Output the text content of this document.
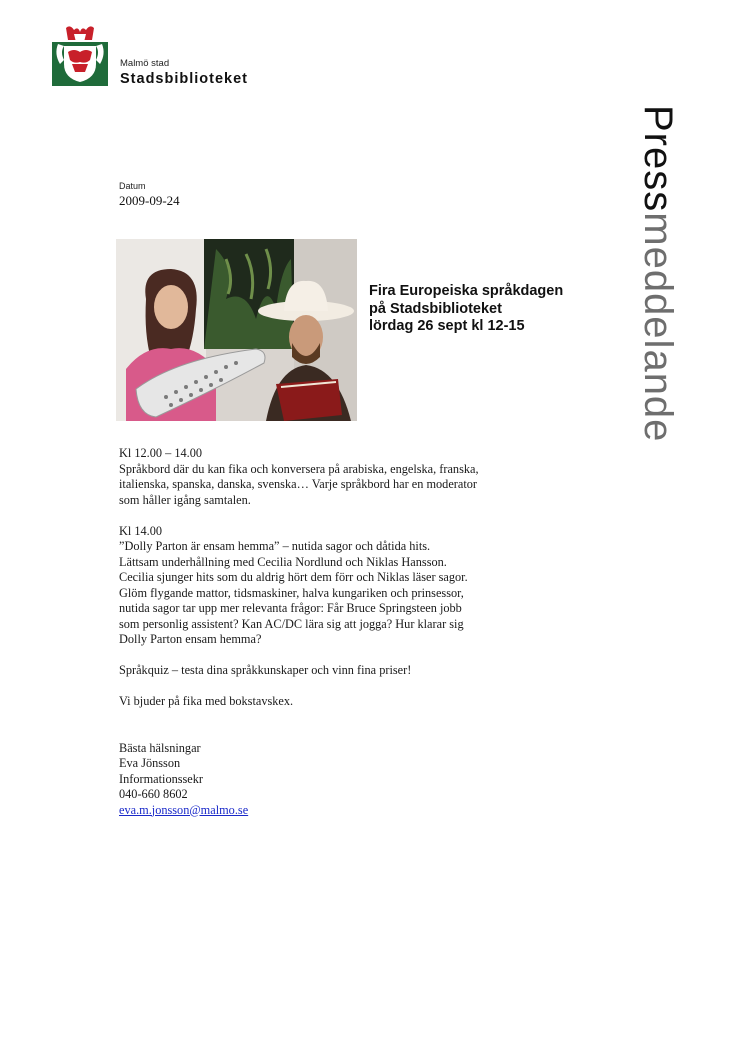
Malmö stad
Stadsbiblioteket
Pressmeddelande
Datum
2009-09-24
Fira Europeiska språkdagen
på Stadsbiblioteket
lördag 26 sept kl 12-15
Kl 12.00 – 14.00
Språkbord där du kan fika och konversera på arabiska, engelska, franska,
italienska, spanska, danska, svenska… Varje språkbord har en moderator
som håller igång samtalen.
Kl 14.00
”Dolly Parton är ensam hemma” – nutida sagor och dåtida hits.
Lättsam underhållning med Cecilia Nordlund och Niklas Hansson.
Cecilia sjunger hits som du aldrig hört dem förr och Niklas läser sagor.
Glöm flygande mattor, tidsmaskiner, halva kungariken och prinsessor,
nutida sagor tar upp mer relevanta frågor: Får Bruce Springsteen jobb
som personlig assistent? Kan AC/DC lära sig att jogga? Hur klarar sig
Dolly Parton ensam hemma?
Språkquiz – testa dina språkkunskaper och vinn fina priser!
Vi bjuder på fika med bokstavskex.
Bästa hälsningar
Eva Jönsson
Informationssekr
040-660 8602
eva.m.jonsson@malmo.se
